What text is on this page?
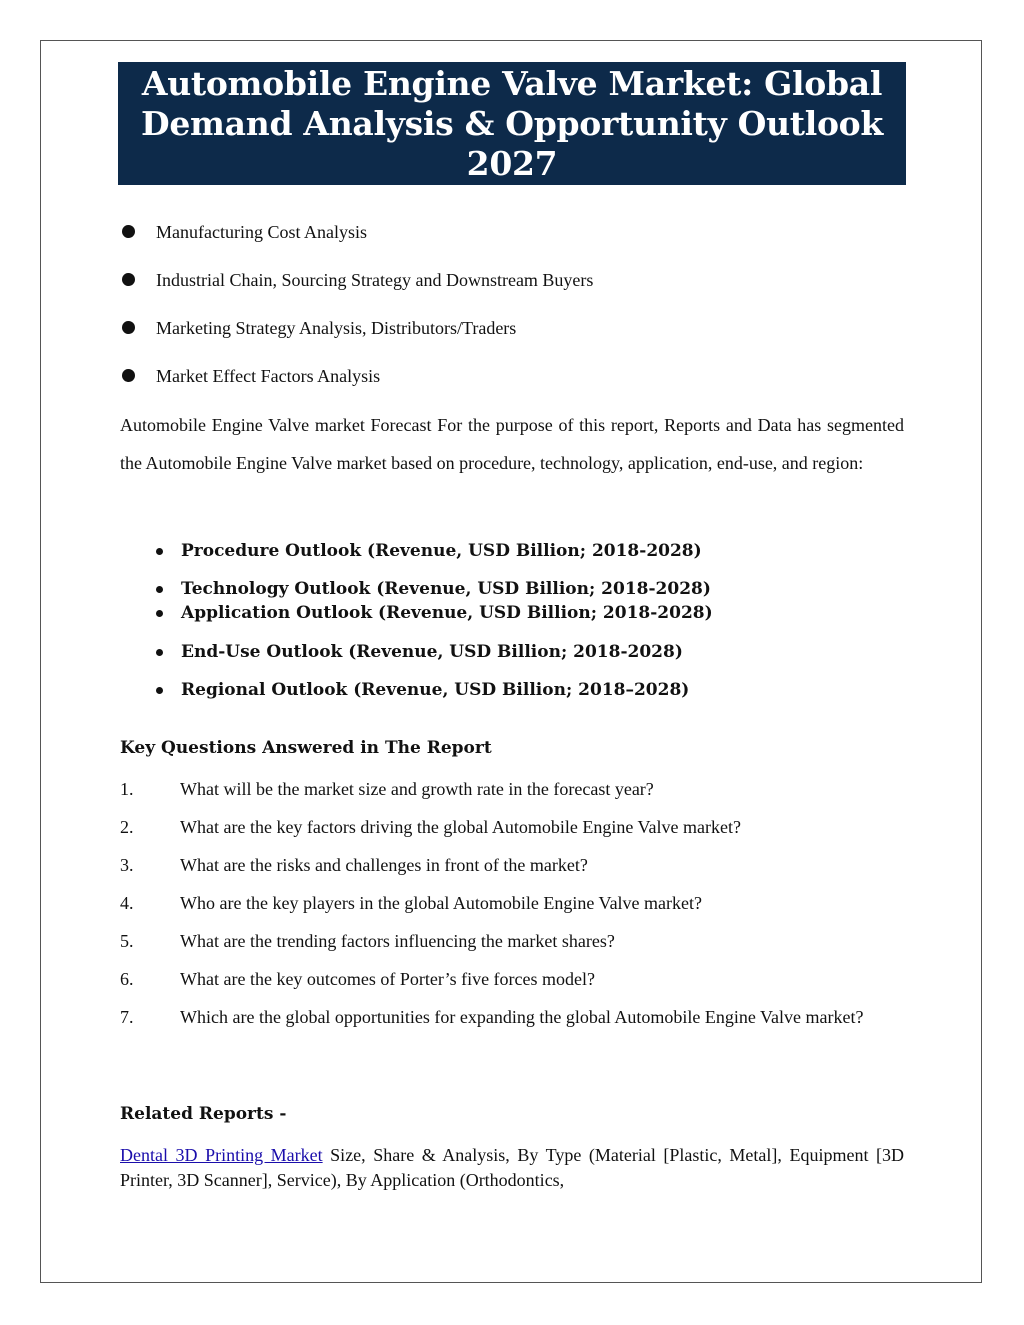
Automobile Engine Valve Market: Global
Demand Analysis & Opportunity Outlook
2027
Manufacturing Cost Analysis
Industrial Chain, Sourcing Strategy and Downstream Buyers
Marketing Strategy Analysis, Distributors/Traders
Market Effect Factors Analysis

Automobile Engine Valve market Forecast For the purpose of this report, Reports and Data has segmented the Automobile Engine Valve market based on procedure, technology, application, end-use, and region:

Procedure Outlook (Revenue, USD Billion; 2018-2028)
Technology Outlook (Revenue, USD Billion; 2018-2028)
Application Outlook (Revenue, USD Billion; 2018-2028)
End-Use Outlook (Revenue, USD Billion; 2018-2028)
Regional Outlook (Revenue, USD Billion; 2018–2028)
Key Questions Answered in The Report
1.	What will be the market size and growth rate in the forecast year?
2.	What are the key factors driving the global Automobile Engine Valve market?
3.	What are the risks and challenges in front of the market?
4.	Who are the key players in the global Automobile Engine Valve market?
5.	What are the trending factors influencing the market shares?
6.	What are the key outcomes of Porter’s five forces model?
7.	Which are the global opportunities for expanding the global Automobile Engine Valve market?
Related Reports -
Dental 3D Printing Market Size, Share & Analysis, By Type (Material [Plastic, Metal], Equipment [3D Printer, 3D Scanner], Service), By Application (Orthodontics,
